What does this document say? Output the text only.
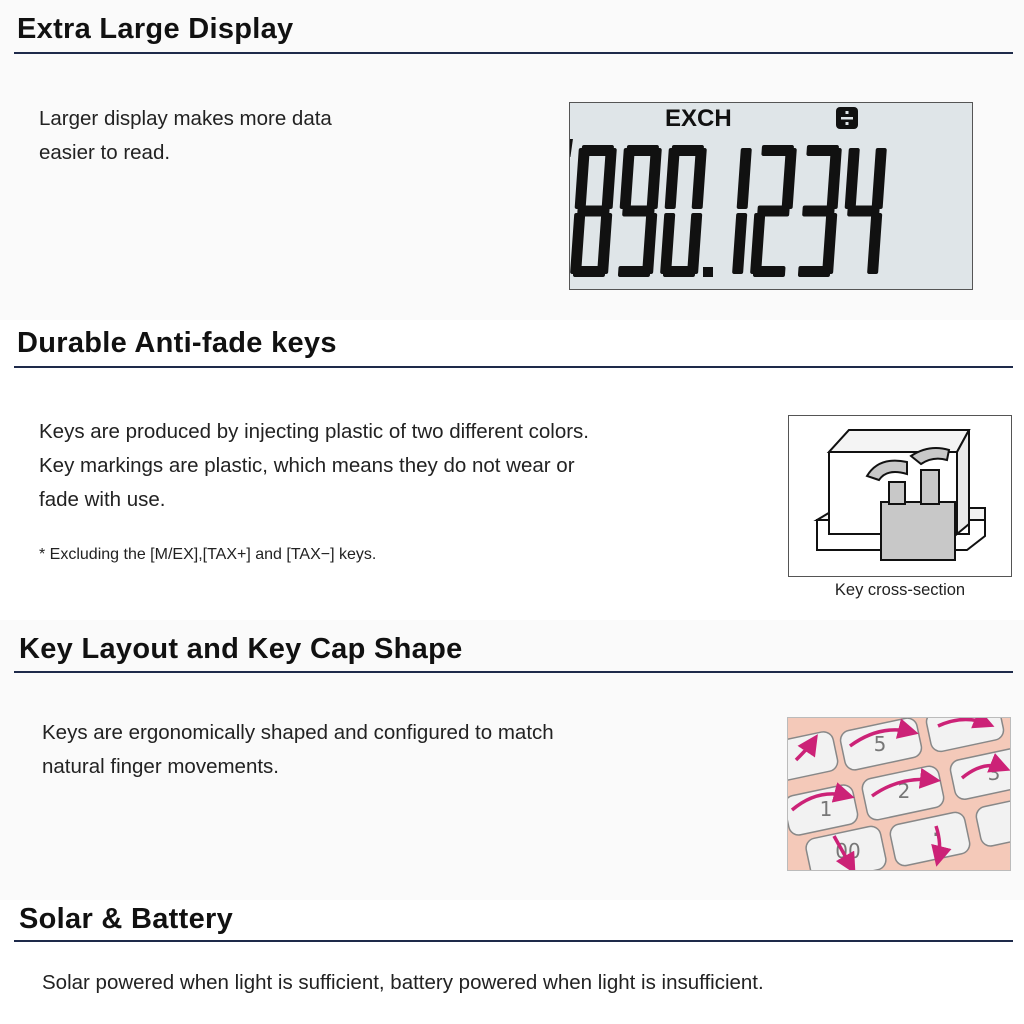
Extra Large Display
Larger display makes more data
easier to read.
EXCH
Durable Anti-fade keys
Keys are produced by injecting plastic of two different colors.
Key markings are plastic, which means they do not wear or
fade with use.
* Excluding the [M/EX],[TAX+] and [TAX−] keys.
Key cross-section
Key Layout and Key Cap Shape
Keys are ergonomically shaped and configured to match
natural finger movements.
5
2
3
1
00
.
Solar & Battery
Solar powered when light is sufficient, battery powered when light is insufficient.
